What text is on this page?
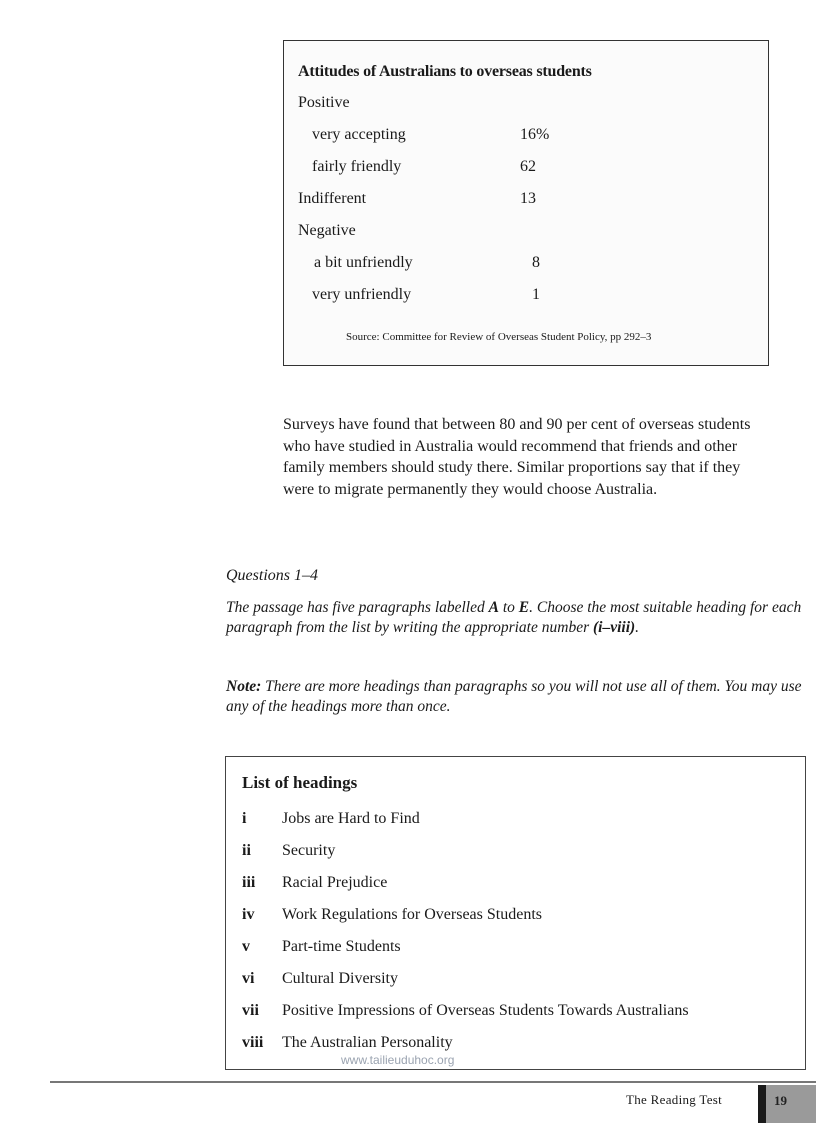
Attitudes of Australians to overseas students
Positive
very accepting	16%
fairly friendly	62
Indifferent	13
Negative
a bit unfriendly	8
very unfriendly	1
Source: Committee for Review of Overseas Student Policy, pp 292–3

Surveys have found that between 80 and 90 per cent of overseas students who have studied in Australia would recommend that friends and other family members should study there. Similar proportions say that if they were to migrate permanently they would choose Australia.

Questions 1–4

The passage has five paragraphs labelled A to E. Choose the most suitable heading for each paragraph from the list by writing the appropriate number (i–viii).

Note: There are more headings than paragraphs so you will not use all of them. You may use any of the headings more than once.

List of headings
i Jobs are Hard to Find
ii Security
iii Racial Prejudice
iv Work Regulations for Overseas Students
v Part-time Students
vi Cultural Diversity
vii Positive Impressions of Overseas Students Towards Australians
viii The Australian Personality
www.tailieuduhoc.org
The Reading Test	19
